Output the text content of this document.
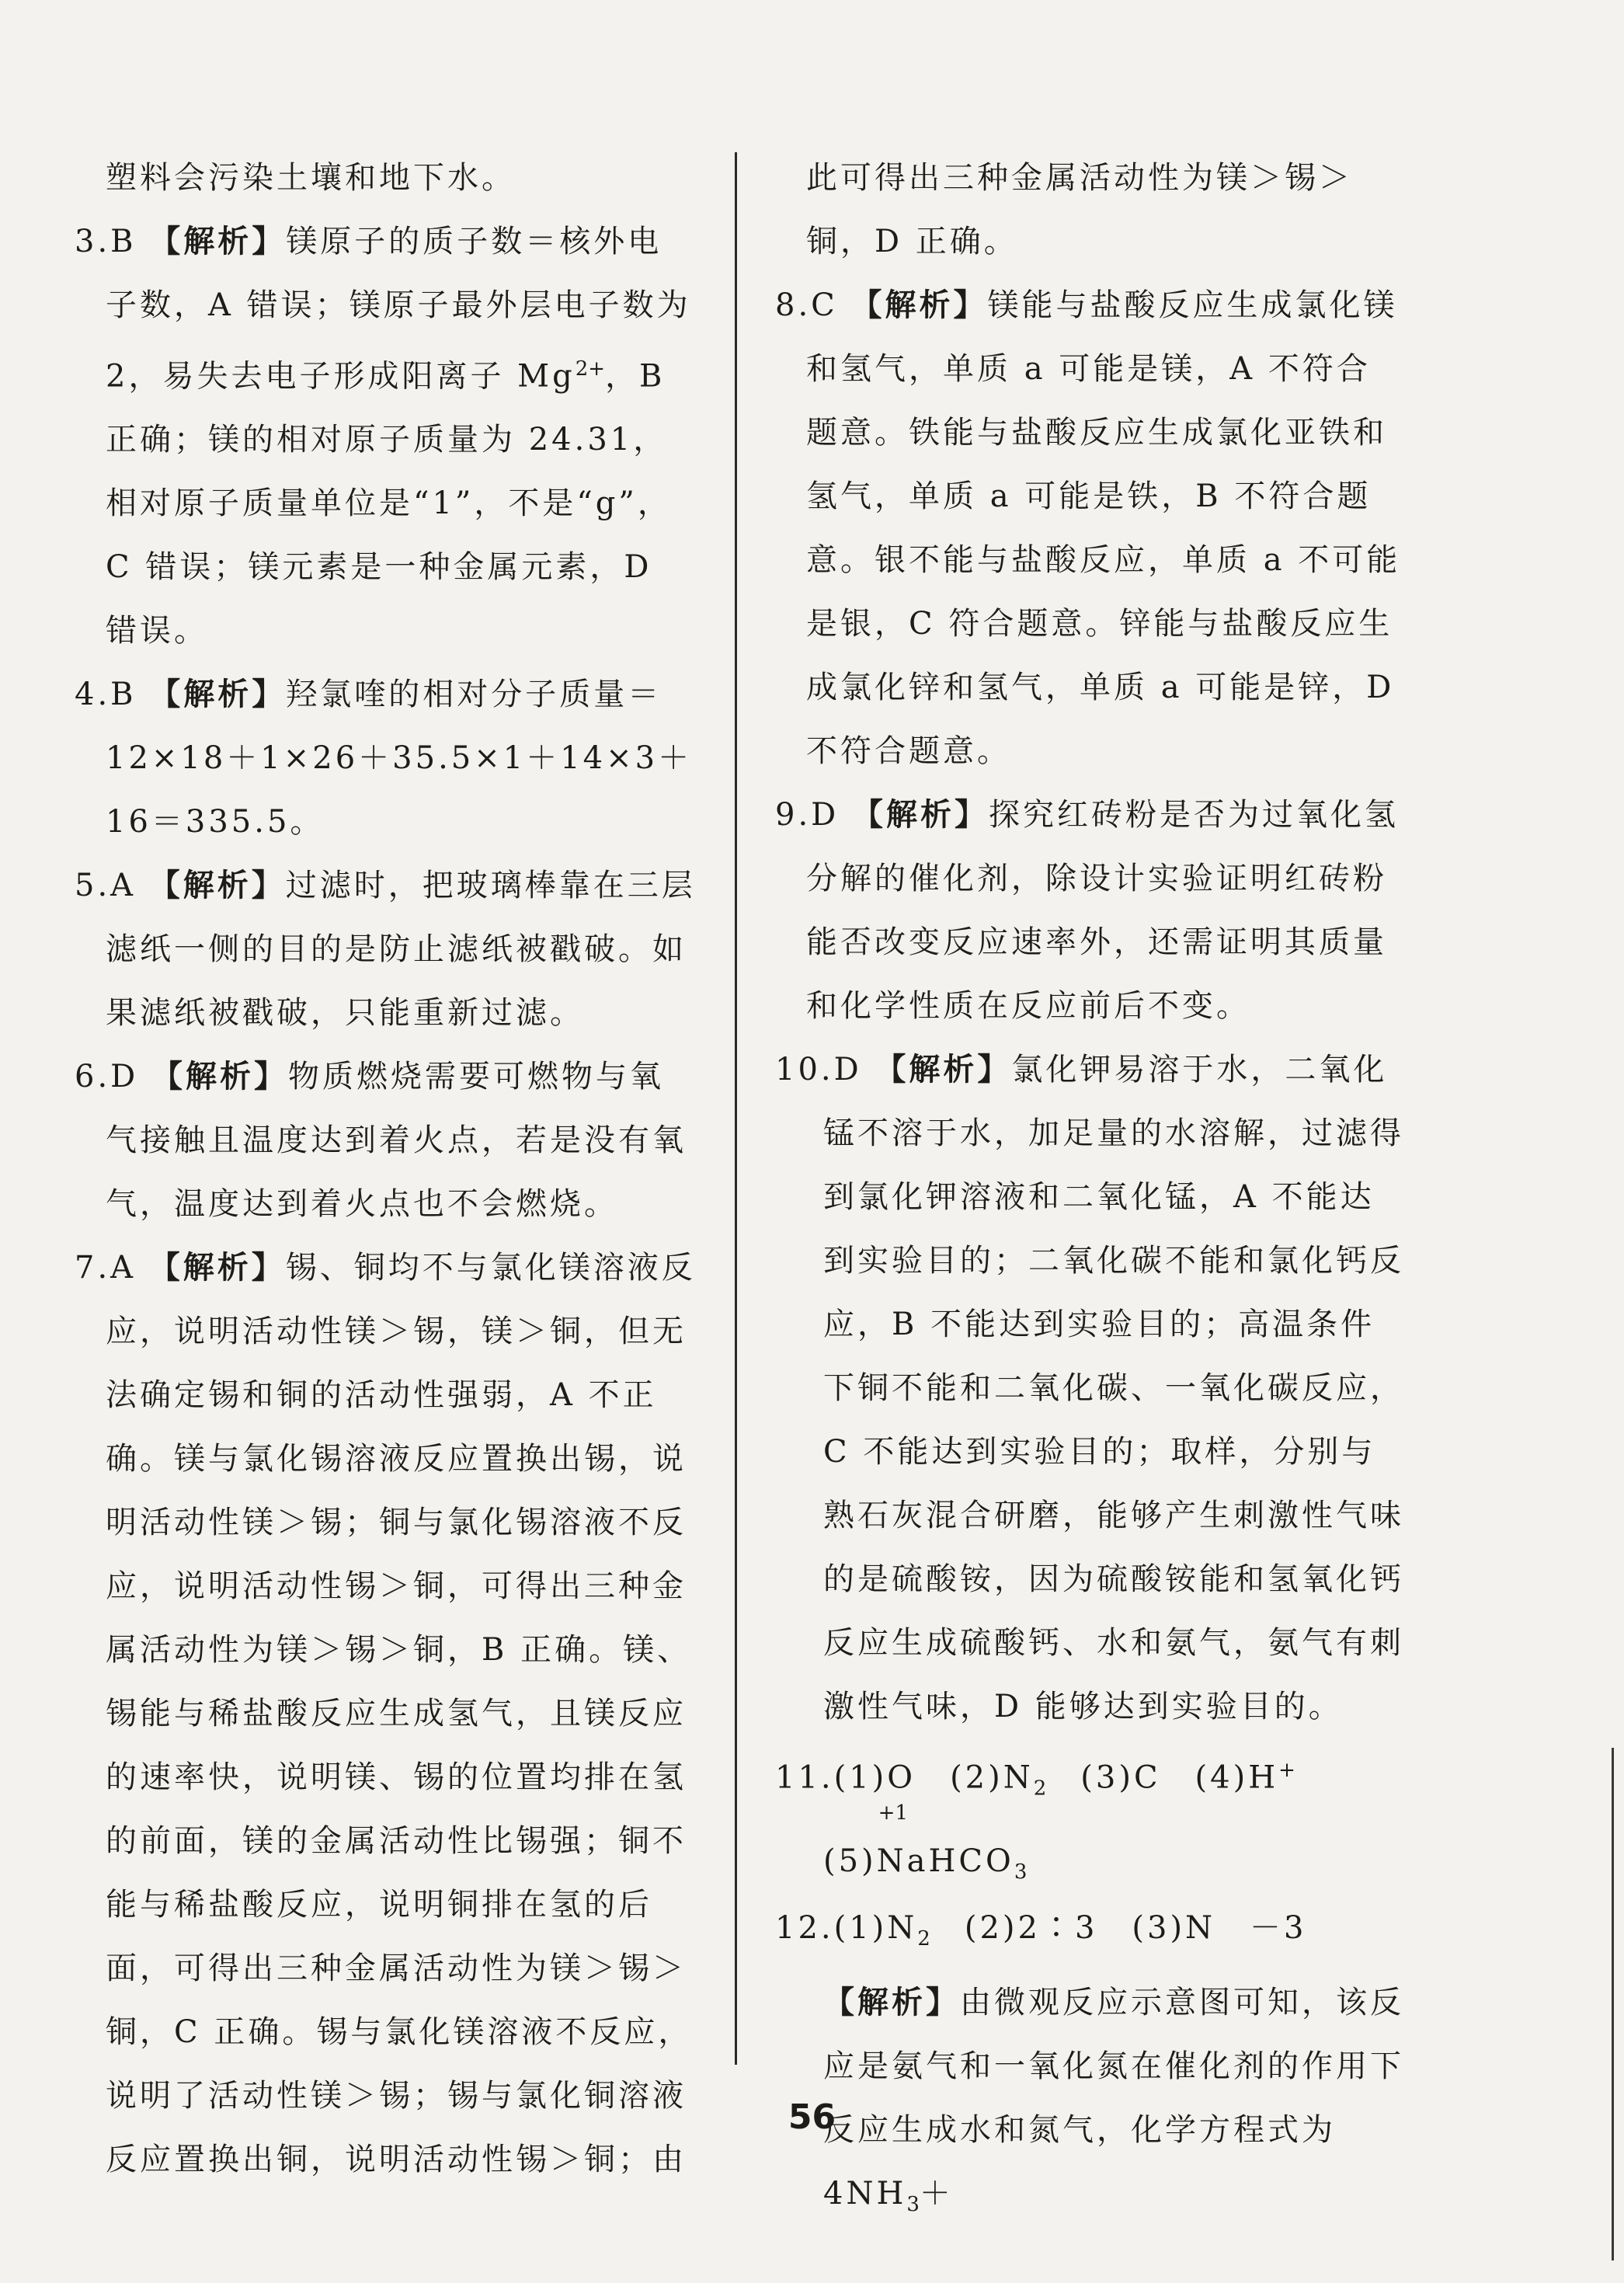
塑料会污染土壤和地下水。
3.B 【解析】镁原子的质子数＝核外电子数，A 错误；镁原子最外层电子数为 2，易失去电子形成阳离子 $Mg^{2+}$，B 正确；镁的相对原子质量为 24.31，相对原子质量单位是“1”，不是“g”，C 错误；镁元素是一种金属元素，D 错误。
4.B 【解析】羟氯喹的相对分子质量＝12×18＋1×26＋35.5×1＋14×3＋16＝335.5。
5.A 【解析】过滤时，把玻璃棒靠在三层滤纸一侧的目的是防止滤纸被戳破。如果滤纸被戳破，只能重新过滤。
6.D 【解析】物质燃烧需要可燃物与氧气接触且温度达到着火点，若是没有氧气，温度达到着火点也不会燃烧。
7.A 【解析】锡、铜均不与氯化镁溶液反应，说明活动性镁＞锡，镁＞铜，但无法确定锡和铜的活动性强弱，A 不正确。镁与氯化锡溶液反应置换出锡，说明活动性镁＞锡；铜与氯化锡溶液不反应，说明活动性锡＞铜，可得出三种金属活动性为镁＞锡＞铜，B 正确。镁、锡能与稀盐酸反应生成氢气，且镁反应的速率快，说明镁、锡的位置均排在氢的前面，镁的金属活动性比锡强；铜不能与稀盐酸反应，说明铜排在氢的后面，可得出三种金属活动性为镁＞锡＞铜，C 正确。锡与氯化镁溶液不反应，说明了活动性镁＞锡；锡与氯化铜溶液反应置换出铜，说明活动性锡＞铜；由
此可得出三种金属活动性为镁＞锡＞铜，D 正确。
8.C 【解析】镁能与盐酸反应生成氯化镁和氢气，单质 a 可能是镁，A 不符合题意。铁能与盐酸反应生成氯化亚铁和氢气，单质 a 可能是铁，B 不符合题意。银不能与盐酸反应，单质 a 不可能是银，C 符合题意。锌能与盐酸反应生成氯化锌和氢气，单质 a 可能是锌，D 不符合题意。
9.D 【解析】探究红砖粉是否为过氧化氢分解的催化剂，除设计实验证明红砖粉能否改变反应速率外，还需证明其质量和化学性质在反应前后不变。
10.D 【解析】氯化钾易溶于水，二氧化锰不溶于水，加足量的水溶解，过滤得到氯化钾溶液和二氧化锰，A 不能达到实验目的；二氧化碳不能和氯化钙反应，B 不能达到实验目的；高温条件下铜不能和二氧化碳、一氧化碳反应，C 不能达到实验目的；取样，分别与熟石灰混合研磨，能够产生刺激性气味的是硫酸铵，因为硫酸铵能和氢氧化钙反应生成硫酸钙、水和氨气，氨气有刺激性气味，D 能够达到实验目的。
11.(1)O　$(2)N_2$　(3)C　(4)H+
(5)
+1
NaHCO$_3$
$12.(1)N_2$　(2)2∶3　(3)N　－3
【解析】由微观反应示意图可知，该反应是氨气和一氧化氮在催化剂的作用下反应生成水和氮气，化学方程式为 $4NH_3+$
56
